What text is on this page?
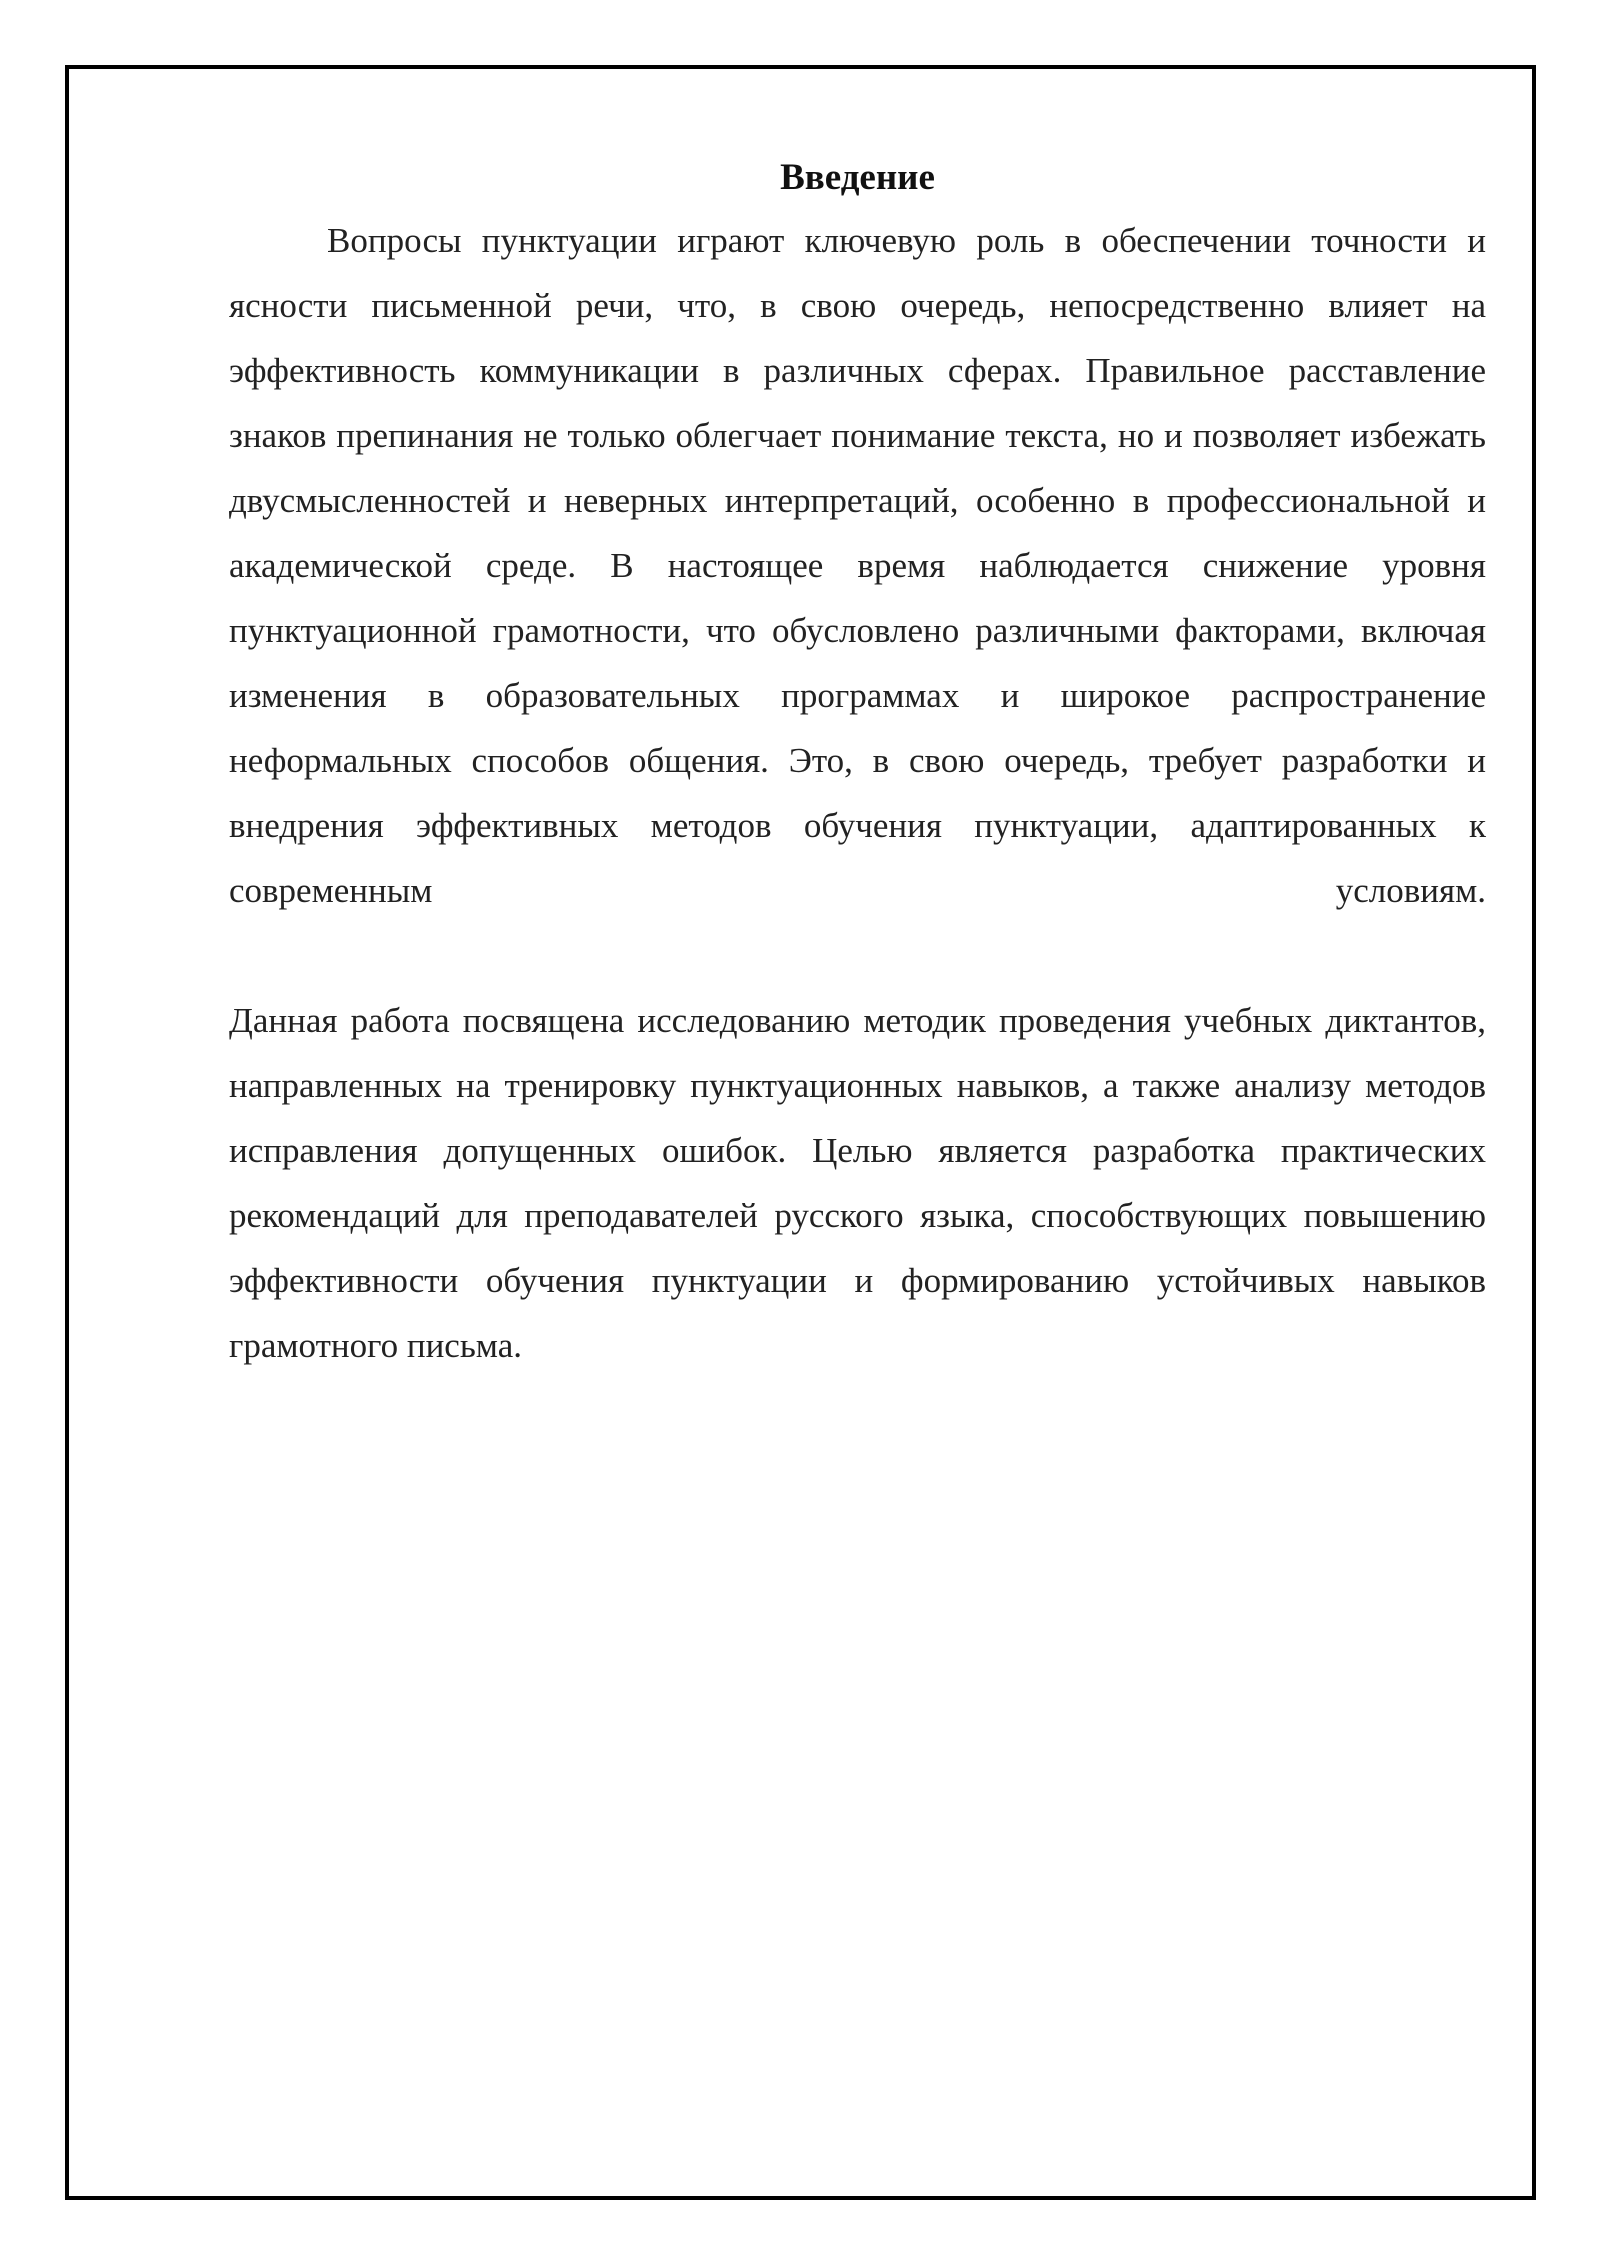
Введение

Вопросы пунктуации играют ключевую роль в обеспечении точности и ясности письменной речи, что, в свою очередь, непосредственно влияет на эффективность коммуникации в различных сферах. Правильное расставление знаков препинания не только облегчает понимание текста, но и позволяет избежать двусмысленностей и неверных интерпретаций, особенно в профессиональной и академической среде. В настоящее время наблюдается снижение уровня пунктуационной грамотности, что обусловлено различными факторами, включая изменения в образовательных программах и широкое распространение неформальных способов общения. Это, в свою очередь, требует разработки и внедрения эффективных методов обучения пунктуации, адаптированных к современным условиям.

Данная работа посвящена исследованию методик проведения учебных диктантов, направленных на тренировку пунктуационных навыков, а также анализу методов исправления допущенных ошибок. Целью является разработка практических рекомендаций для преподавателей русского языка, способствующих повышению эффективности обучения пунктуации и формированию устойчивых навыков грамотного письма.
